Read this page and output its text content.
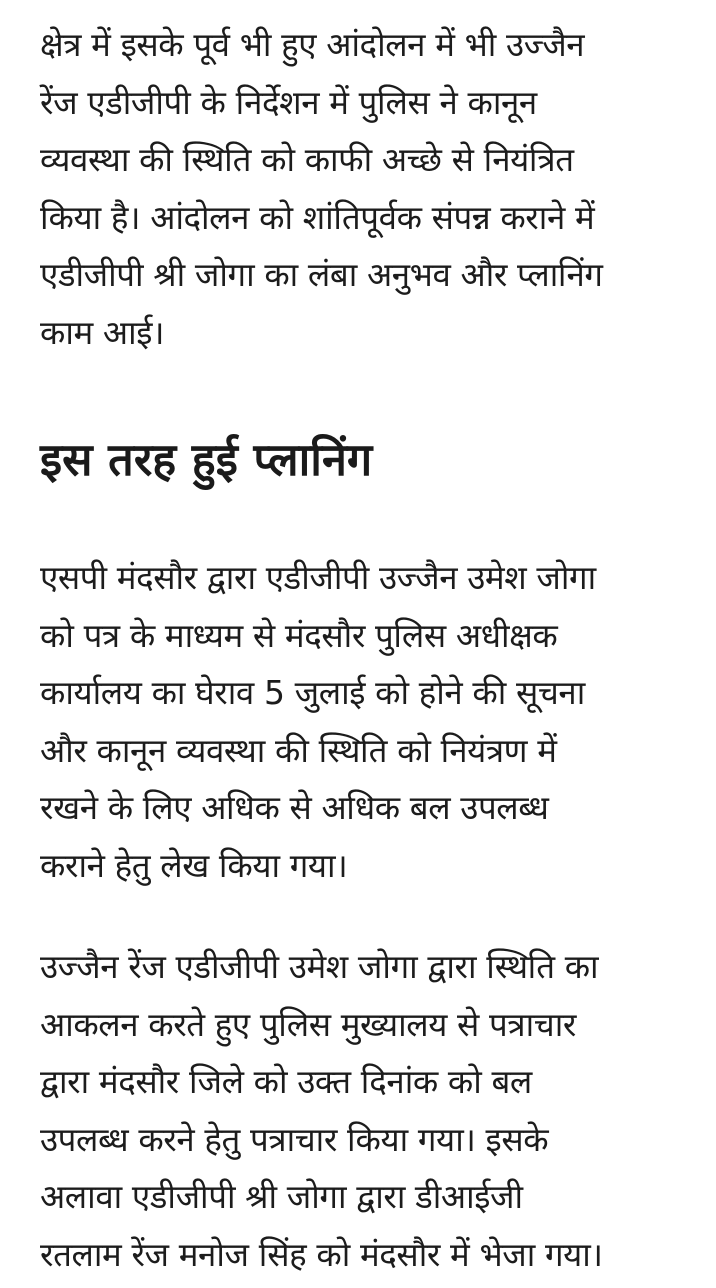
क्षेत्र में इसके पूर्व भी हुए आंदोलन में भी उज्जैन
रेंज एडीजीपी के निर्देशन में पुलिस ने कानून
व्यवस्था की स्थिति को काफी अच्छे से नियंत्रित
किया है। आंदोलन को शांतिपूर्वक संपन्न कराने में
एडीजीपी श्री जोगा का लंबा अनुभव और प्लानिंग
काम आई।

इस तरह हुई प्लानिंग

एसपी मंदसौर द्वारा एडीजीपी उज्जैन उमेश जोगा
को पत्र के माध्यम से मंदसौर पुलिस अधीक्षक
कार्यालय का घेराव 5 जुलाई को होने की सूचना
और कानून व्यवस्था की स्थिति को नियंत्रण में
रखने के लिए अधिक से अधिक बल उपलब्ध
कराने हेतु लेख किया गया।

उज्जैन रेंज एडीजीपी उमेश जोगा द्वारा स्थिति का
आकलन करते हुए पुलिस मुख्यालय से पत्राचार
द्वारा मंदसौर जिले को उक्त दिनांक को बल
उपलब्ध करने हेतु पत्राचार किया गया। इसके
अलावा एडीजीपी श्री जोगा द्वारा डीआईजी
रतलाम रेंज मनोज सिंह को मंदसौर में भेजा गया।
